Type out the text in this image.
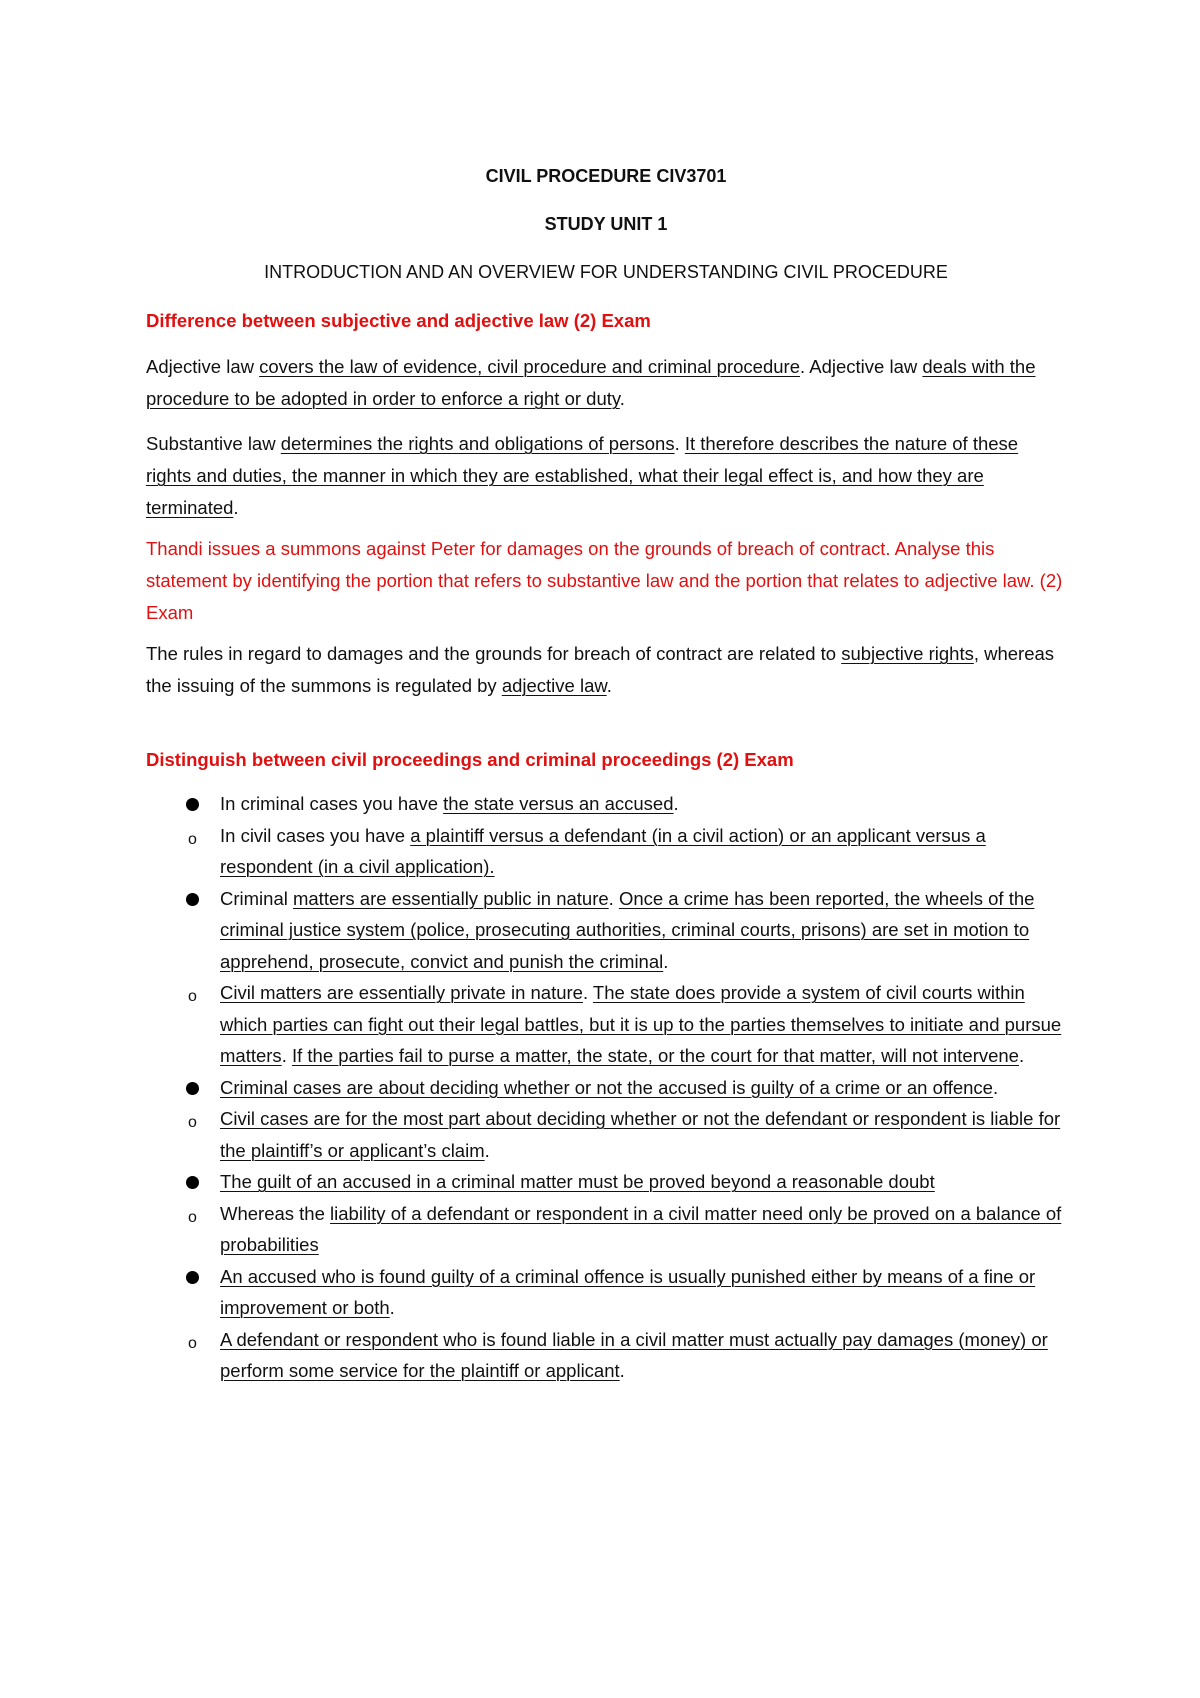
CIVIL PROCEDURE CIV3701
STUDY UNIT 1
INTRODUCTION AND AN OVERVIEW FOR UNDERSTANDING CIVIL PROCEDURE
Difference between subjective and adjective law (2) Exam
Adjective law covers the law of evidence, civil procedure and criminal procedure. Adjective law deals with the procedure to be adopted in order to enforce a right or duty.
Substantive law determines the rights and obligations of persons. It therefore describes the nature of these rights and duties, the manner in which they are established, what their legal effect is, and how they are terminated.
Thandi issues a summons against Peter for damages on the grounds of breach of contract. Analyse this statement by identifying the portion that refers to substantive law and the portion that relates to adjective law. (2) Exam
The rules in regard to damages and the grounds for breach of contract are related to subjective rights, whereas the issuing of the summons is regulated by adjective law.
Distinguish between civil proceedings and criminal proceedings (2) Exam
In criminal cases you have the state versus an accused.
o In civil cases you have a plaintiff versus a defendant (in a civil action) or an applicant versus a respondent (in a civil application).
Criminal matters are essentially public in nature. Once a crime has been reported, the wheels of the criminal justice system (police, prosecuting authorities, criminal courts, prisons) are set in motion to apprehend, prosecute, convict and punish the criminal.
o Civil matters are essentially private in nature. The state does provide a system of civil courts within which parties can fight out their legal battles, but it is up to the parties themselves to initiate and pursue matters. If the parties fail to purse a matter, the state, or the court for that matter, will not intervene.
Criminal cases are about deciding whether or not the accused is guilty of a crime or an offence.
o Civil cases are for the most part about deciding whether or not the defendant or respondent is liable for the plaintiff’s or applicant’s claim.
The guilt of an accused in a criminal matter must be proved beyond a reasonable doubt
o Whereas the liability of a defendant or respondent in a civil matter need only be proved on a balance of probabilities
An accused who is found guilty of a criminal offence is usually punished either by means of a fine or improvement or both.
o A defendant or respondent who is found liable in a civil matter must actually pay damages (money) or perform some service for the plaintiff or applicant.
